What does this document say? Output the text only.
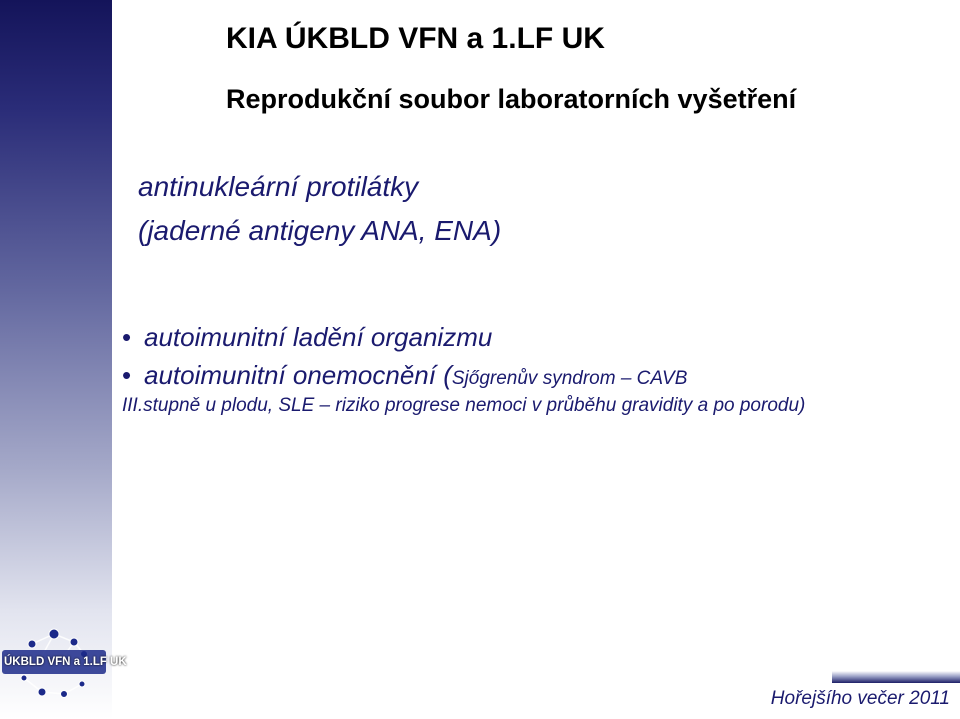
KIA ÚKBLD VFN a 1.LF UK
Reprodukční soubor laboratorních vyšetření
antinukleární protilátky
(jaderné antigeny ANA, ENA)
• autoimunitní ladění organizmu
• autoimunitní onemocnění (Sjőgrenův syndrom – CAVB
III.stupně u plodu, SLE – riziko progrese nemoci v průběhu gravidity a po porodu)
ÚKBLD VFN a 1.LF UK
Hořejšího večer 2011
